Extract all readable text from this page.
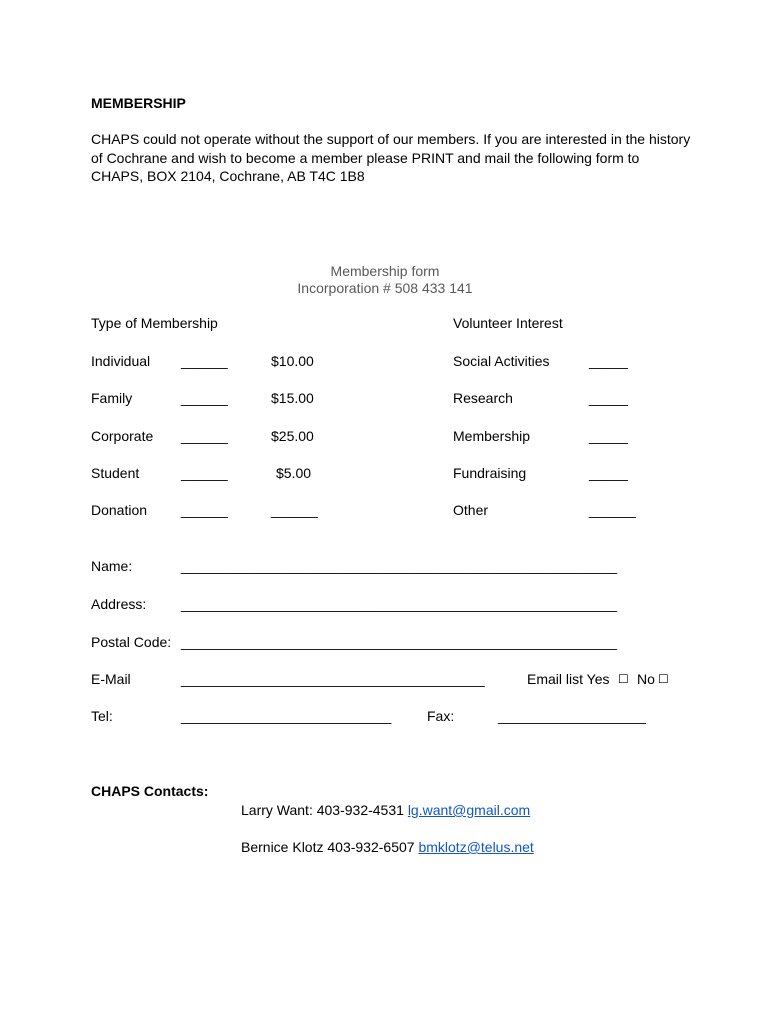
MEMBERSHIP
CHAPS could not operate without the support of our members. If you are interested in the history of Cochrane and wish to become a member please PRINT and mail the following form to CHAPS, BOX 2104, Cochrane, AB T4C 1B8
Membership form
Incorporation # 508 433 141
Type of Membership	Volunteer Interest
Individual ______	$10.00	Social Activities	_____
Family	______	$15.00	Research	_____
Corporate ______	$25.00	Membership	_____
Student	______	$5.00	Fundraising	_____
Donation ______	______	Other	______
Name:	________________________________________________________
Address: ________________________________________________________
Postal Code: ________________________________________________________
E-Mail	_______________________________________	Email list Yes ☐ No ☐
Tel:	___________________________	Fax:	___________________
CHAPS Contacts:
Larry Want: 403-932-4531 lg.want@gmail.com
Bernice Klotz 403-932-6507 bmklotz@telus.net
